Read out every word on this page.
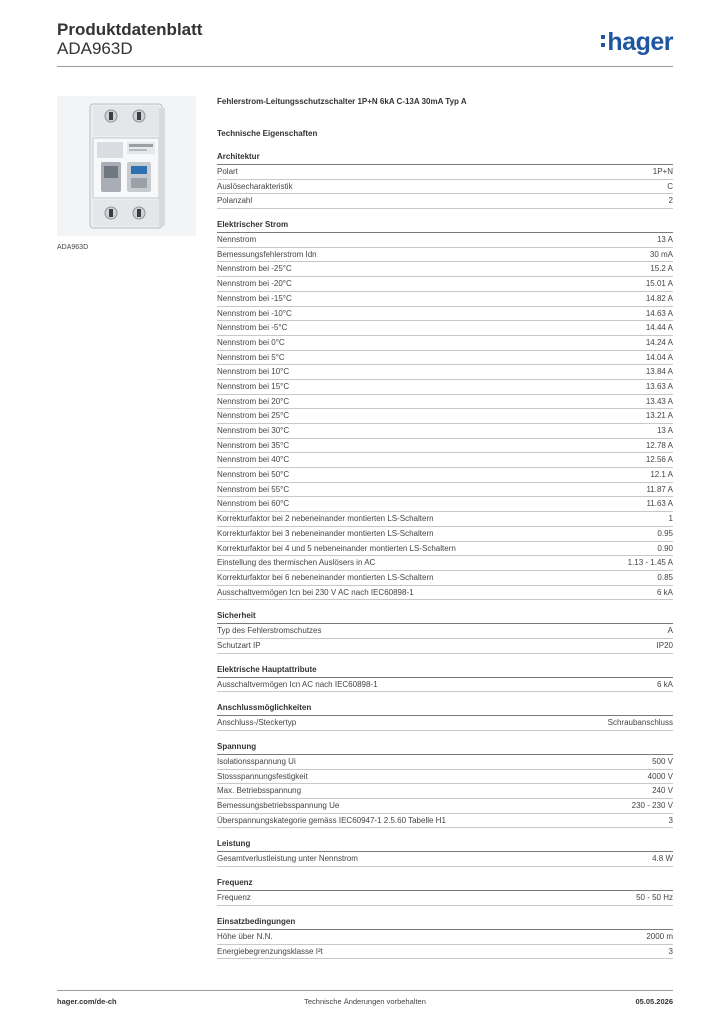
Produktdatenblatt
ADA963D	hager
ADA963D
Fehlerstrom-Leitungsschutzschalter 1P+N 6kA C-13A 30mA Typ A
Technische Eigenschaften
Architektur
Polart	1P+N
Auslösecharakteristik	C
Polanzahl	2
Elektrischer Strom
Nennstrom	13 A
Bemessungsfehlerstrom Idn	30 mA
Nennstrom bei -25°C	15.2 A
Nennstrom bei -20°C	15.01 A
Nennstrom bei -15°C	14.82 A
Nennstrom bei -10°C	14.63 A
Nennstrom bei -5°C	14.44 A
Nennstrom bei 0°C	14.24 A
Nennstrom bei 5°C	14.04 A
Nennstrom bei 10°C	13.84 A
Nennstrom bei 15°C	13.63 A
Nennstrom bei 20°C	13.43 A
Nennstrom bei 25°C	13.21 A
Nennstrom bei 30°C	13 A
Nennstrom bei 35°C	12.78 A
Nennstrom bei 40°C	12.56 A
Nennstrom bei 50°C	12.1 A
Nennstrom bei 55°C	11.87 A
Nennstrom bei 60°C	11.63 A
Korrekturfaktor bei 2 nebeneinander montierten LS-Schaltern	1
Korrekturfaktor bei 3 nebeneinander montierten LS-Schaltern	0.95
Korrekturfaktor bei 4 und 5 nebeneinander montierten LS-Schaltern	0.90
Einstellung des thermischen Auslösers in AC	1.13 - 1.45 A
Korrekturfaktor bei 6 nebeneinander montierten LS-Schaltern	0.85
Ausschaltvermögen Icn bei 230 V AC nach IEC60898-1	6 kA
Sicherheit
Typ des Fehlerstromschutzes	A
Schutzart IP	IP20
Elektrische Hauptattribute
Ausschaltvermögen Icn AC nach IEC60898-1	6 kA
Anschlussmöglichkeiten
Anschluss-/Steckertyp	Schraubanschluss
Spannung
Isolationsspannung Ui	500 V
Stossspannungsfestigkeit	4000 V
Max. Betriebsspannung	240 V
Bemessungsbetriebsspannung Ue	230 - 230 V
Überspannungskategorie gemäss IEC60947-1 2.5.60 Tabelle H1	3
Leistung
Gesamtverlustleistung unter Nennstrom	4.8 W
Frequenz
Frequenz	50 - 50 Hz
Einsatzbedingungen
Höhe über N.N.	2000 m
Energiebegrenzungsklasse I²t	3
hager.com/de-ch	Technische Änderungen vorbehalten	05.05.2026
